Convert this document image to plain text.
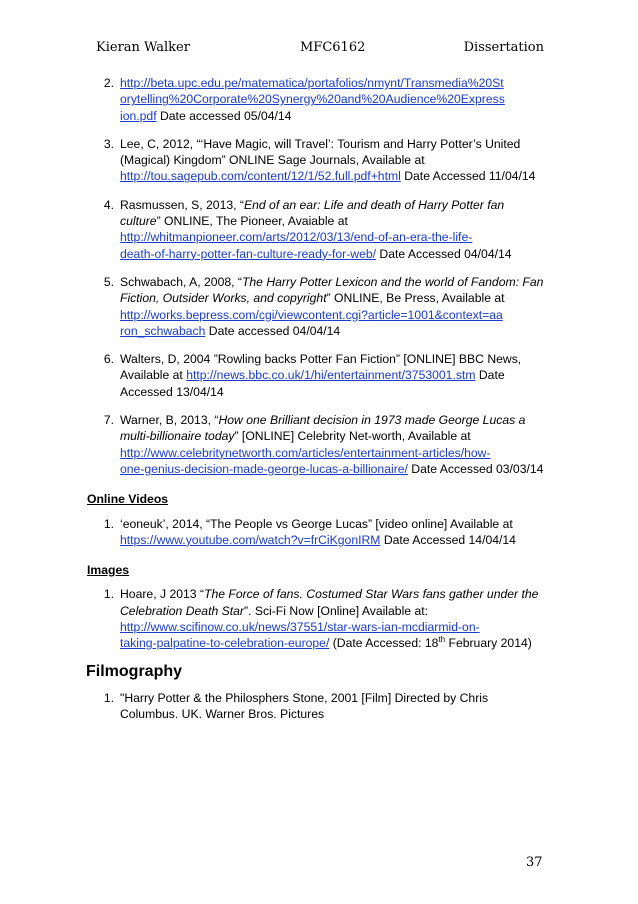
Kieran Walker	MFC6162	Dissertation
2 . http://beta.upc.edu.pe/matematica/portafolios/nmynt/Transmedia%20St
orytelling%20Corporate%20Synergy%20and%20Audience%20Express
ion.pdf Date accessed 05/04/14
3 . Lee, C, 2012, “‘Have Magic, will Travel’: Tourism and Harry Potter’s United (Magical) Kingdom” ONLINE Sage Journals, Available at http://tou.sagepub.com/content/12/1/52.full.pdf+html Date Accessed 11/04/14
4 . Rasmussen, S, 2013, “End of an ear: Life and death of Harry Potter fan culture” ONLINE, The Pioneer, Avaiable at http://whitmanpioneer.com/arts/2012/03/13/end-of-an-era-the-life-
death-of-harry-potter-fan-culture-ready-for-web/ Date Accessed 04/04/14
5 . Schwabach, A, 2008, “The Harry Potter Lexicon and the world of Fandom: Fan Fiction, Outsider Works, and copyright” ONLINE, Be Press, Available at http://works.bepress.com/cgi/viewcontent.cgi?article=1001&context=aa
ron_schwabach Date accessed 04/04/14
6 . Walters, D, 2004 ”Rowling backs Potter Fan Fiction” [ONLINE] BBC News, Available at http://news.bbc.co.uk/1/hi/entertainment/3753001.stm Date Accessed 13/04/14
7 . Warner, B, 2013, “How one Brilliant decision in 1973 made George Lucas a multi-billionaire today” [ONLINE] Celebrity Net-worth, Available at http://www.celebritynetworth.com/articles/entertainment-articles/how-
one-genius-decision-made-george-lucas-a-billionaire/ Date Accessed 03/03/14
Online Videos
1 . ‘eoneuk’, 2014, “The People vs George Lucas” [video online] Available at https://www.youtube.com/watch?v=frCiKgonIRM Date Accessed 14/04/14
Images
1 . Hoare, J 2013 “The Force of fans. Costumed Star Wars fans gather under the Celebration Death Star”. Sci-Fi Now [Online] Available at: http://www.scifinow.co.uk/news/37551/star-wars-ian-mcdiarmid-on-
taking-palpatine-to-celebration-europe/ (Date Accessed: 18th February 2014)
Filmography
1 . "Harry Potter & the Philosphers Stone, 2001 [Film] Directed by Chris Columbus. UK. Warner Bros. Pictures
37
